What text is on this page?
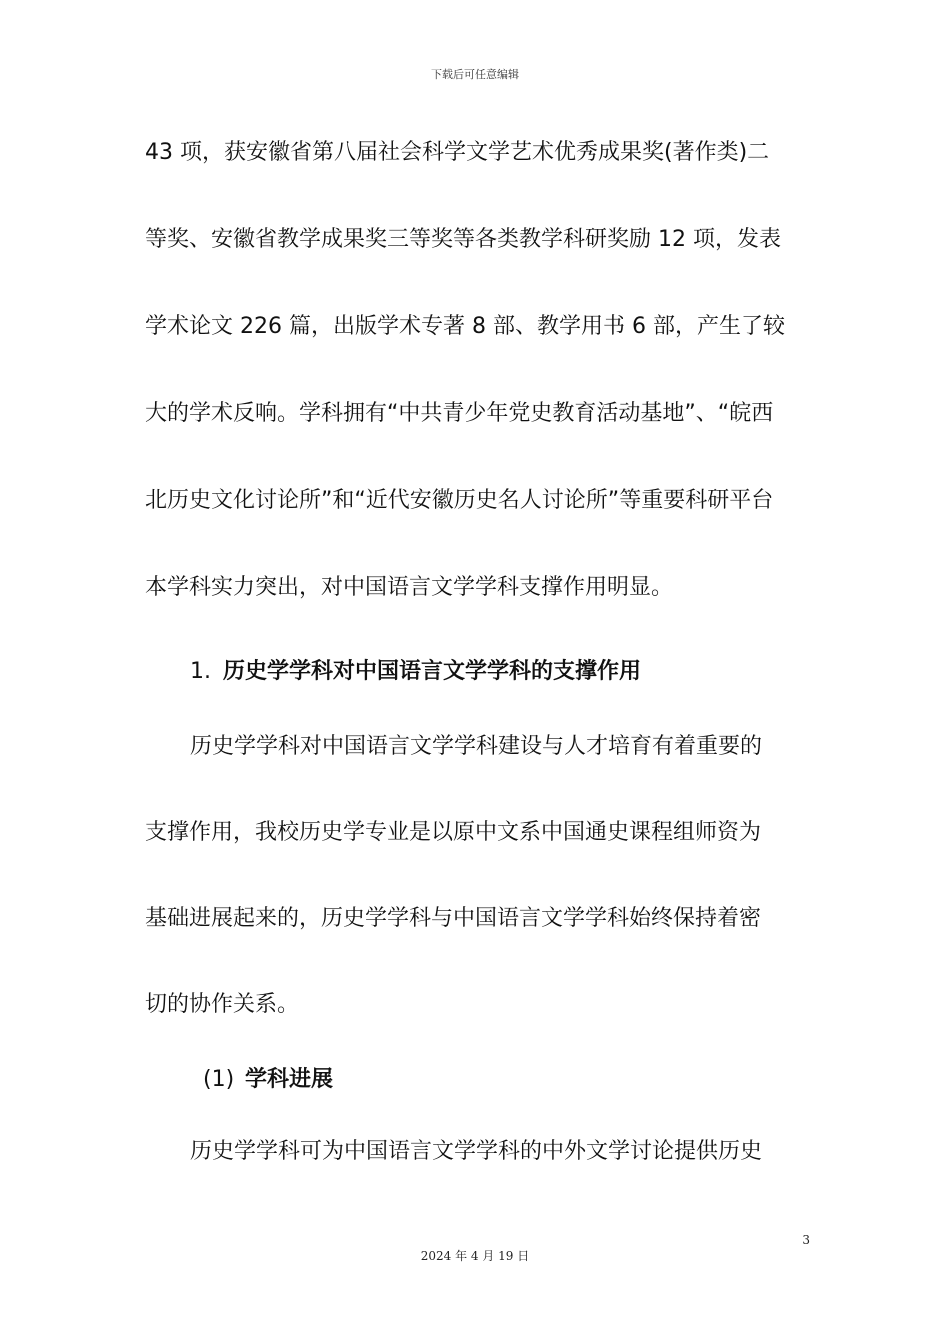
下载后可任意编辑
43 项，获安徽省第八届社会科学文学艺术优秀成果奖(著作类)二
等奖、安徽省教学成果奖三等奖等各类教学科研奖励 12 项，发表
学术论文 226 篇，出版学术专著 8 部、教学用书 6 部，产生了较
大的学术反响。学科拥有“中共青少年党史教育活动基地”、“皖西
北历史文化讨论所”和“近代安徽历史名人讨论所”等重要科研平台
本学科实力突出，对中国语言文学学科支撑作用明显。
1. 历史学学科对中国语言文学学科的支撑作用
历史学学科对中国语言文学学科建设与人才培育有着重要的
支撑作用，我校历史学专业是以原中文系中国通史课程组师资为
基础进展起来的，历史学学科与中国语言文学学科始终保持着密
切的协作关系。
(1) 学科进展
历史学学科可为中国语言文学学科的中外文学讨论提供历史
3
2024 年 4 月 19 日
